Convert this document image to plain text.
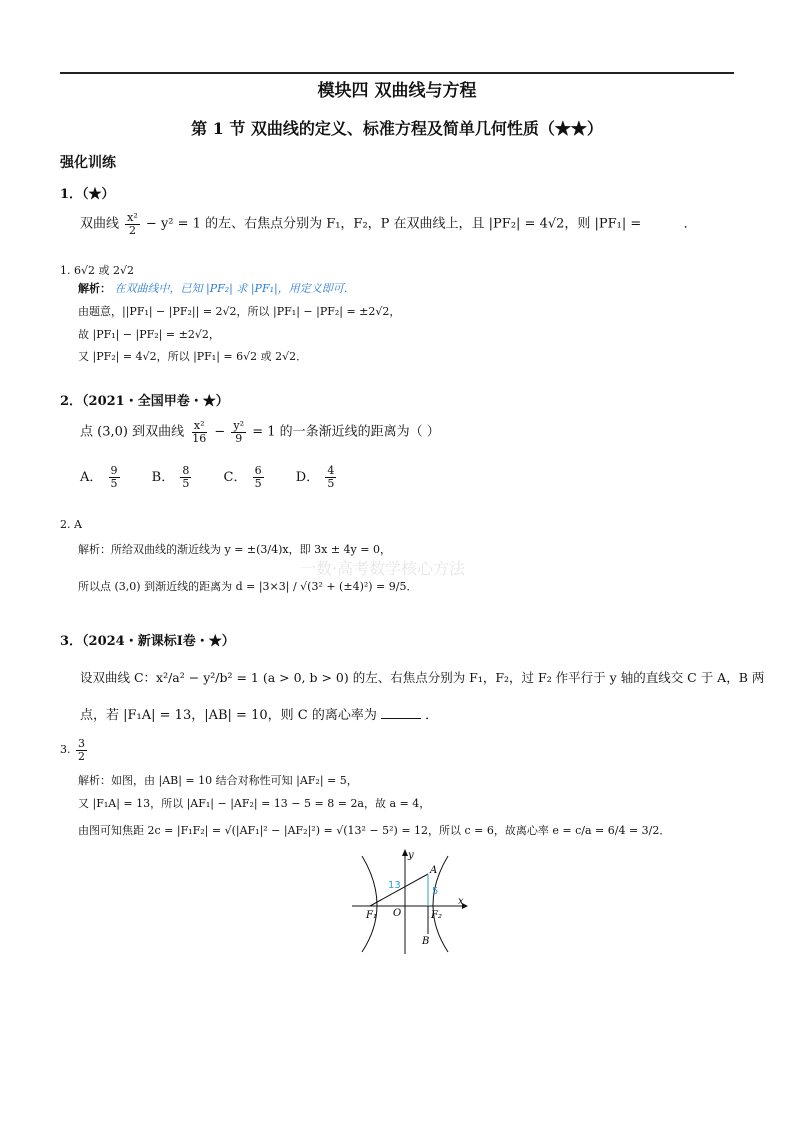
模块四 双曲线与方程
第 1 节 双曲线的定义、标准方程及简单几何性质（★★）
强化训练
1．（★）
双曲线 $\frac{\text{x²}}{2} - y^2 = 1$ 的左、右焦点分别为 F₁，F₂，P 在双曲线上，且 |PF₂| = 4√2，则 |PF₁| =	．
1. 6√2 或 2√2
解析： 在双曲线中，已知 |PF₂| 求 |PF₁|，用定义即可．
由题意，||PF₁| − |PF₂|| = 2√2，所以 |PF₁| − |PF₂| = ±2√2，
故 |PF₁| − |PF₂| = ±2√2，
又 |PF₂| = 4√2，所以 |PF₁| = 6√2 或 2√2．
2．（2021・全国甲卷・★）
点 (3,0) 到双曲线 $\frac{\text{x²}}{16} - \frac{\text{y²}}{9} = 1$ 的一条渐近线的距离为（ ）
A． $\frac{9}{5}$ B． $\frac{8}{5}$ C． $\frac{6}{5}$ D． $\frac{4}{5}$
2. A
解析：所给双曲线的渐近线为 y = ±(3/4)x，即 3x ± 4y = 0，
一数·高考数学核心方法
所以点 (3,0) 到渐近线的距离为 d = |3×3| / √(3² + (±4)²) = 9/5．
3．（2024・新课标Ⅰ卷・★）
设双曲线 C：x²/a² − y²/b² = 1 (a > 0, b > 0) 的左、右焦点分别为 F₁，F₂，过 F₂ 作平行于 y 轴的直线交 C 于 A，B 两
点，若 |F₁A| = 13，|AB| = 10，则 C 的离心率为	．
3. $\frac{3}{2}$
解析：如图，由 |AB| = 10 结合对称性可知 |AF₂| = 5，
又 |F₁A| = 13，所以 |AF₁| − |AF₂| = 13 − 5 = 8 = 2a，故 a = 4，
由图可知焦距 2c = |F₁F₂| = √(|AF₁|² − |AF₂|²) = √(13² − 5²) = 12，所以 c = 6，故离心率 e = c/a = 6/4 = 3/2．
y
x
A
B
O
F₁	F₂
13
5
